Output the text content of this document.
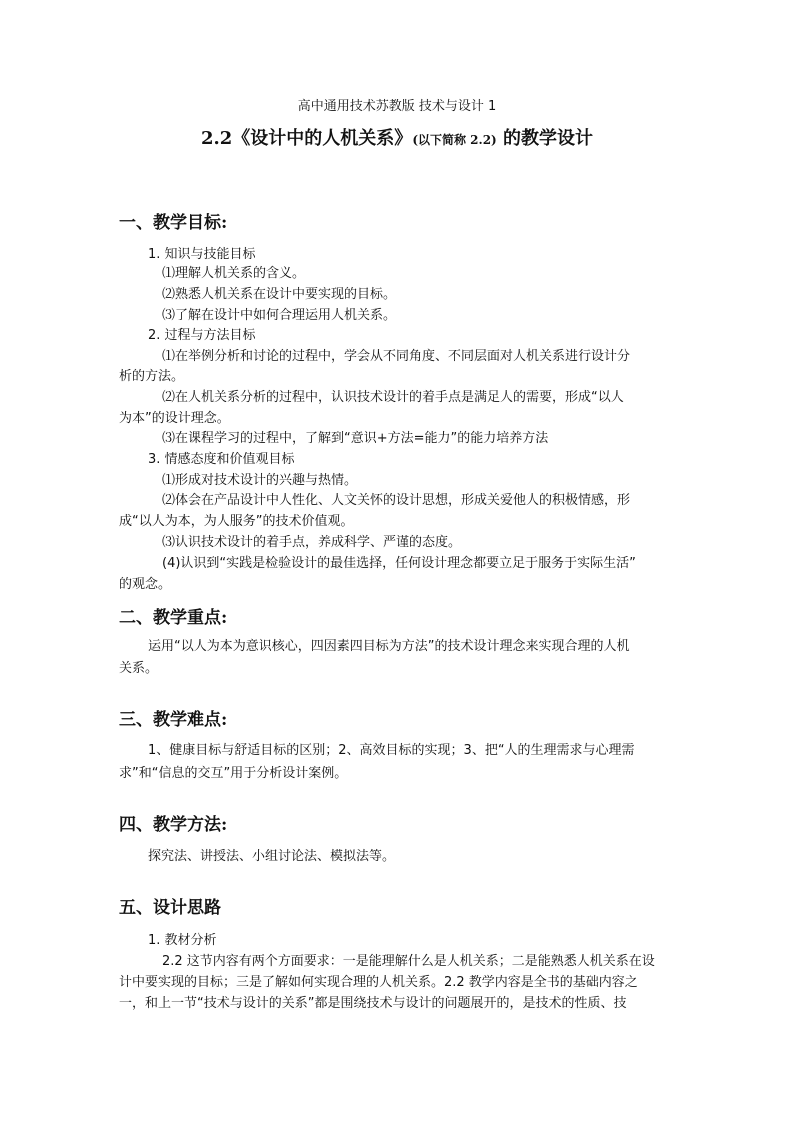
高中通用技术苏教版 技术与设计 1
2.2《设计中的人机关系》(以下简称 2.2) 的教学设计
一、教学目标:
1. 知识与技能目标
⑴理解人机关系的含义。
⑵熟悉人机关系在设计中要实现的目标。
⑶了解在设计中如何合理运用人机关系。
2. 过程与方法目标
⑴在举例分析和讨论的过程中，学会从不同角度、不同层面对人机关系进行设计分
析的方法。
⑵在人机关系分析的过程中，认识技术设计的着手点是满足人的需要，形成“以人
为本”的设计理念。
⑶在课程学习的过程中，了解到“意识+方法=能力”的能力培养方法
3. 情感态度和价值观目标
⑴形成对技术设计的兴趣与热情。
⑵体会在产品设计中人性化、人文关怀的设计思想，形成关爱他人的积极情感，形
成“以人为本，为人服务”的技术价值观。
⑶认识技术设计的着手点，养成科学、严谨的态度。
(4)认识到“实践是检验设计的最佳选择，任何设计理念都要立足于服务于实际生活”
的观念。
二、教学重点:
运用“以人为本为意识核心，四因素四目标为方法”的技术设计理念来实现合理的人机
关系。
三、教学难点:
1、健康目标与舒适目标的区别；2、高效目标的实现；3、把“人的生理需求与心理需
求”和“信息的交互”用于分析设计案例。
四、教学方法:
探究法、讲授法、小组讨论法、模拟法等。
五、设计思路
1. 教材分析
2.2 这节内容有两个方面要求：一是能理解什么是人机关系；二是能熟悉人机关系在设
计中要实现的目标；三是了解如何实现合理的人机关系。2.2 教学内容是全书的基础内容之
一，和上一节“技术与设计的关系”都是围绕技术与设计的问题展开的，是技术的性质、技
